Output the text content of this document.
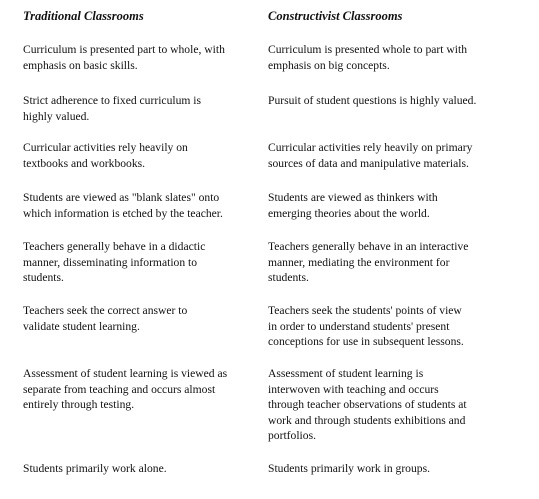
Traditional Classrooms	Constructivist Classrooms
Curriculum is presented part to whole, with
emphasis on basic skills.
Curriculum is presented whole to part with
emphasis on big concepts.
Strict adherence to fixed curriculum is
highly valued.
Pursuit of student questions is highly valued.
Curricular activities rely heavily on
textbooks and workbooks.
Curricular activities rely heavily on primary
sources of data and manipulative materials.
Students are viewed as "blank slates" onto
which information is etched by the teacher.
Students are viewed as thinkers with
emerging theories about the world.
Teachers generally behave in a didactic
manner, disseminating information to
students.
Teachers generally behave in an interactive
manner, mediating the environment for
students.
Teachers seek the correct answer to
validate student learning.
Teachers seek the students' points of view
in order to understand students' present
conceptions for use in subsequent lessons.
Assessment of student learning is viewed as
separate from teaching and occurs almost
entirely through testing.
Assessment of student learning is
interwoven with teaching and occurs
through teacher observations of students at
work and through students exhibitions and
portfolios.
Students primarily work alone.	Students primarily work in groups.
